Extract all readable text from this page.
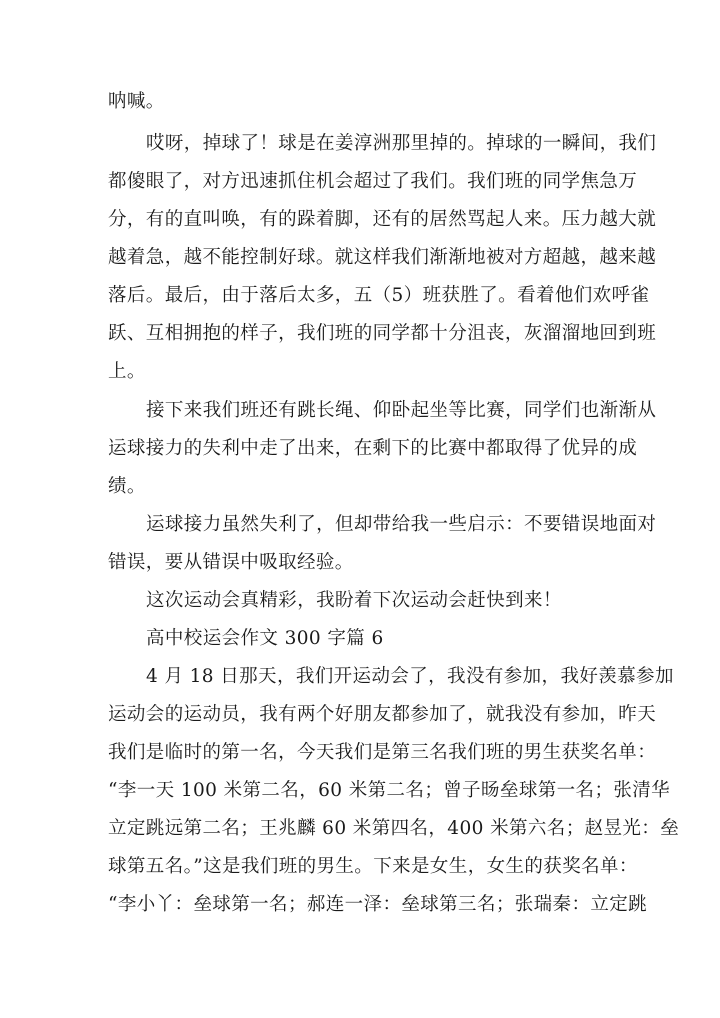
呐喊。
哎呀，掉球了！球是在姜淳洲那里掉的。掉球的一瞬间，我们
都傻眼了，对方迅速抓住机会超过了我们。我们班的同学焦急万
分，有的直叫唤，有的跺着脚，还有的居然骂起人来。压力越大就
越着急，越不能控制好球。就这样我们渐渐地被对方超越，越来越
落后。最后，由于落后太多，五（5）班获胜了。看着他们欢呼雀
跃、互相拥抱的样子，我们班的同学都十分沮丧，灰溜溜地回到班
上。
接下来我们班还有跳长绳、仰卧起坐等比赛，同学们也渐渐从
运球接力的失利中走了出来，在剩下的比赛中都取得了优异的成
绩。
运球接力虽然失利了，但却带给我一些启示：不要错误地面对
错误，要从错误中吸取经验。
这次运动会真精彩，我盼着下次运动会赶快到来！
高中校运会作文 300 字篇 6
4 月 18 日那天，我们开运动会了，我没有参加，我好羡慕参加
运动会的运动员，我有两个好朋友都参加了，就我没有参加，昨天
我们是临时的第一名，今天我们是第三名我们班的男生获奖名单：
“李一天 100 米第二名，60 米第二名；曾子旸垒球第一名；张清华
立定跳远第二名；王兆麟 60 米第四名，400 米第六名；赵昱光：垒
球第五名。”这是我们班的男生。下来是女生，女生的获奖名单：
“李小丫：垒球第一名；郝连一泽：垒球第三名；张瑞秦：立定跳
